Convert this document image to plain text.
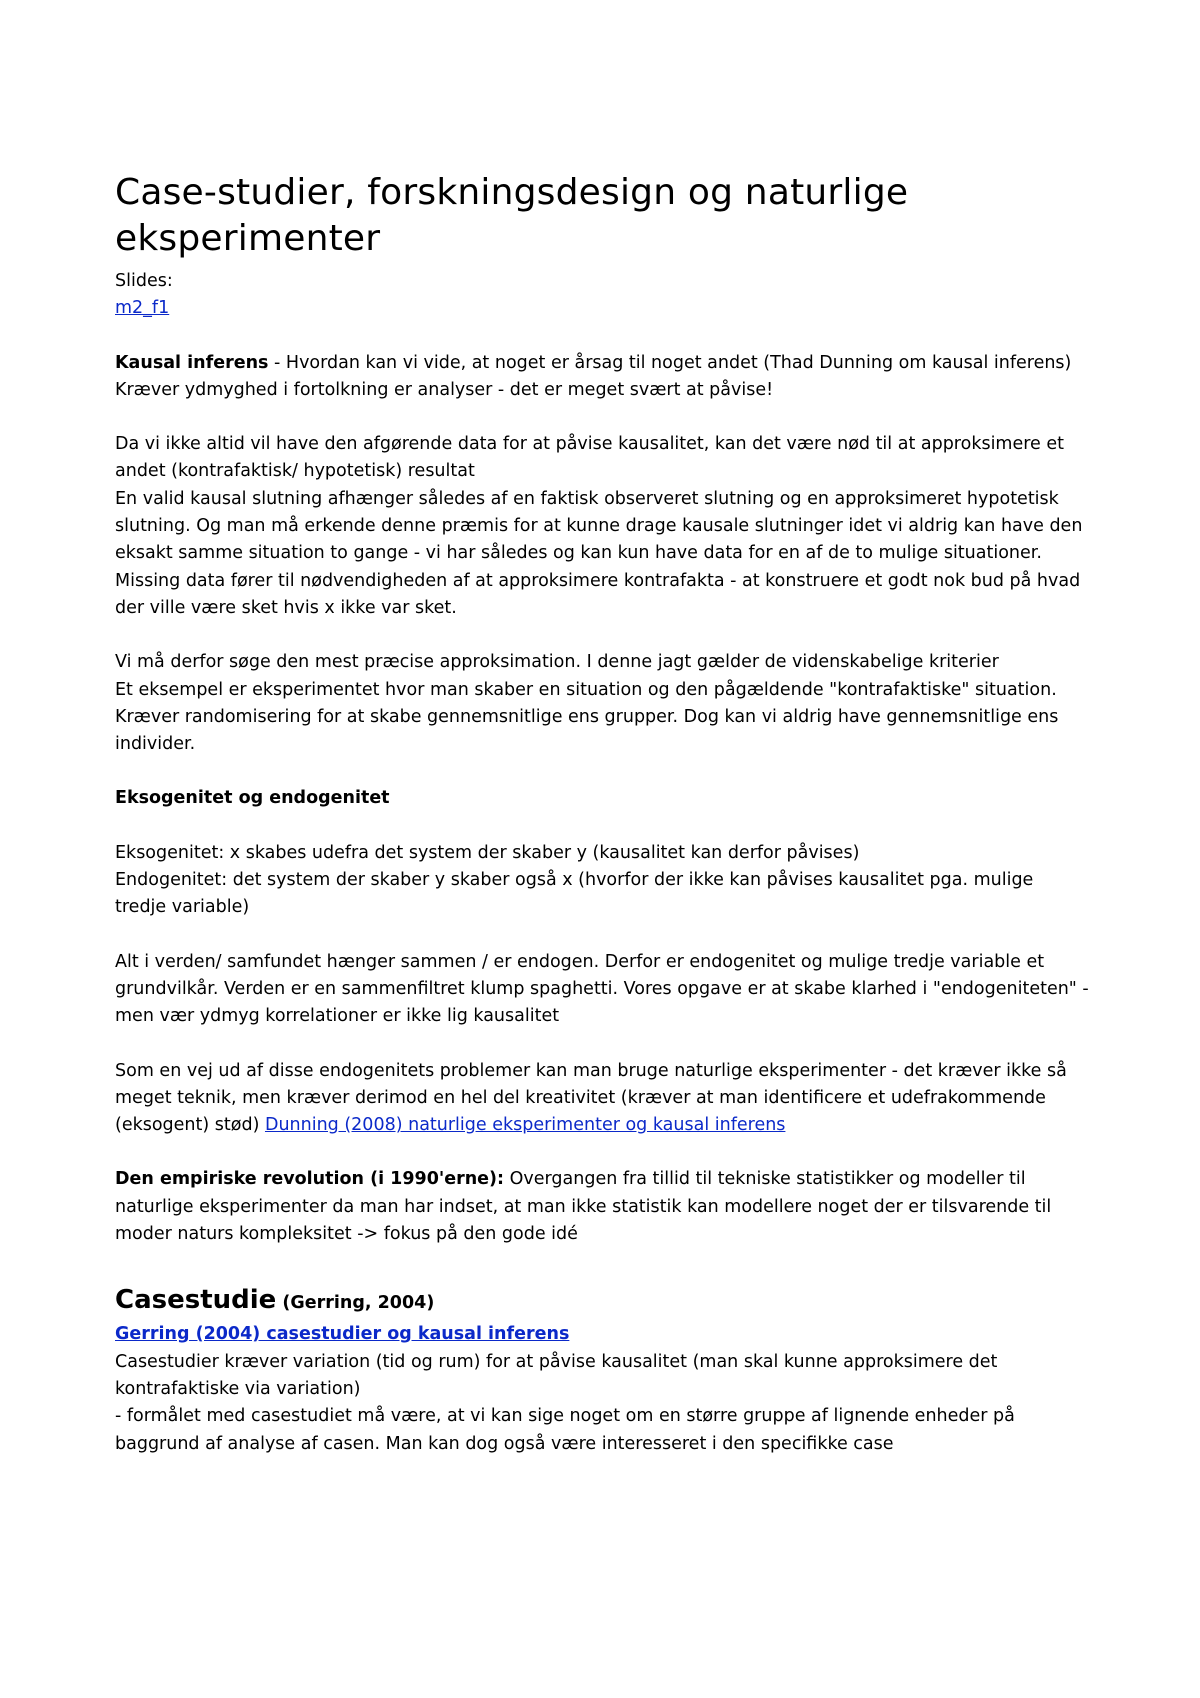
Case-studier, forskningsdesign og naturlige eksperimenter
Slides:
m2_f1
Kausal inferens - Hvordan kan vi vide, at noget er årsag til noget andet (Thad Dunning om kausal inferens)
Kræver ydmyghed i fortolkning er analyser - det er meget svært at påvise!
Da vi ikke altid vil have den afgørende data for at påvise kausalitet, kan det være nød til at approksimere et andet (kontrafaktisk/ hypotetisk) resultat
En valid kausal slutning afhænger således af en faktisk observeret slutning og en approksimeret hypotetisk slutning. Og man må erkende denne præmis for at kunne drage kausale slutninger idet vi aldrig kan have den eksakt samme situation to gange - vi har således og kan kun have data for en af de to mulige situationer. Missing data fører til nødvendigheden af at approksimere kontrafakta - at konstruere et godt nok bud på hvad der ville være sket hvis x ikke var sket.
Vi må derfor søge den mest præcise approksimation. I denne jagt gælder de videnskabelige kriterier
Et eksempel er eksperimentet hvor man skaber en situation og den pågældende "kontrafaktiske" situation.
Kræver randomisering for at skabe gennemsnitlige ens grupper. Dog kan vi aldrig have gennemsnitlige ens individer.
Eksogenitet og endogenitet
Eksogenitet: x skabes udefra det system der skaber y (kausalitet kan derfor påvises)
Endogenitet: det system der skaber y skaber også x (hvorfor der ikke kan påvises kausalitet pga. mulige tredje variable)
Alt i verden/ samfundet hænger sammen / er endogen. Derfor er endogenitet og mulige tredje variable et grundvilkår. Verden er en sammenfiltret klump spaghetti. Vores opgave er at skabe klarhed i "endogeniteten" - men vær ydmyg korrelationer er ikke lig kausalitet
Som en vej ud af disse endogenitets problemer kan man bruge naturlige eksperimenter - det kræver ikke så meget teknik, men kræver derimod en hel del kreativitet (kræver at man identificere et udefrakommende (eksogent) stød) Dunning (2008) naturlige eksperimenter og kausal inferens
Den empiriske revolution (i 1990'erne): Overgangen fra tillid til tekniske statistikker og modeller til naturlige eksperimenter da man har indset, at man ikke statistik kan modellere noget der er tilsvarende til moder naturs kompleksitet -> fokus på den gode idé
Casestudie (Gerring, 2004)
Gerring (2004) casestudier og kausal inferens
Casestudier kræver variation (tid og rum) for at påvise kausalitet (man skal kunne approksimere det kontrafaktiske via variation)
- formålet med casestudiet må være, at vi kan sige noget om en større gruppe af lignende enheder på baggrund af analyse af casen. Man kan dog også være interesseret i den specifikke case
